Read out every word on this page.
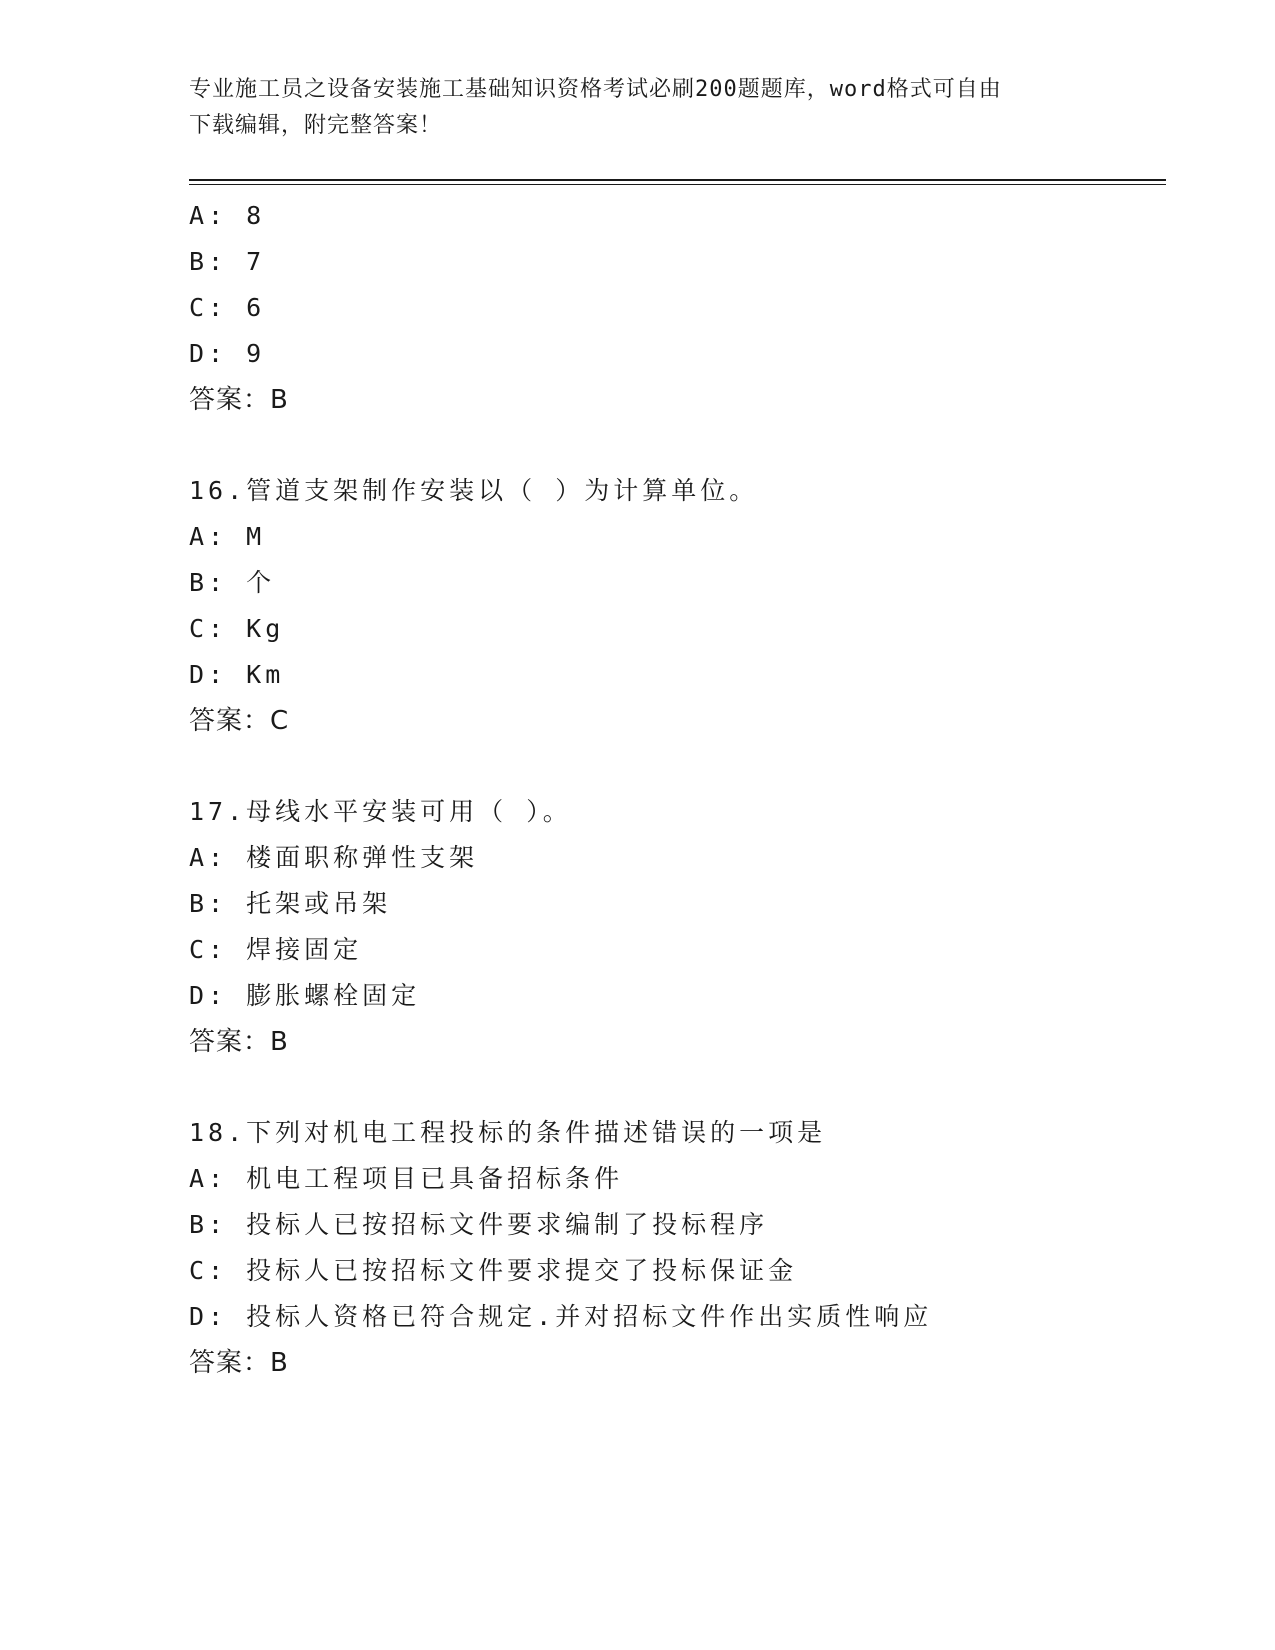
专业施工员之设备安装施工基础知识资格考试必刷200题题库，word格式可自由
下载编辑，附完整答案！
A: 8
B: 7
C: 6
D: 9
答案：B
16.管道支架制作安装以（ ）为计算单位。
A: M
B: 个
C: Kg
D: Km
答案：C
17.母线水平安装可用（ ）。
A: 楼面职称弹性支架
B: 托架或吊架
C: 焊接固定
D: 膨胀螺栓固定
答案：B
18.下列对机电工程投标的条件描述错误的一项是
A: 机电工程项目已具备招标条件
B: 投标人已按招标文件要求编制了投标程序
C: 投标人已按招标文件要求提交了投标保证金
D: 投标人资格已符合规定.并对招标文件作出实质性响应
答案：B
